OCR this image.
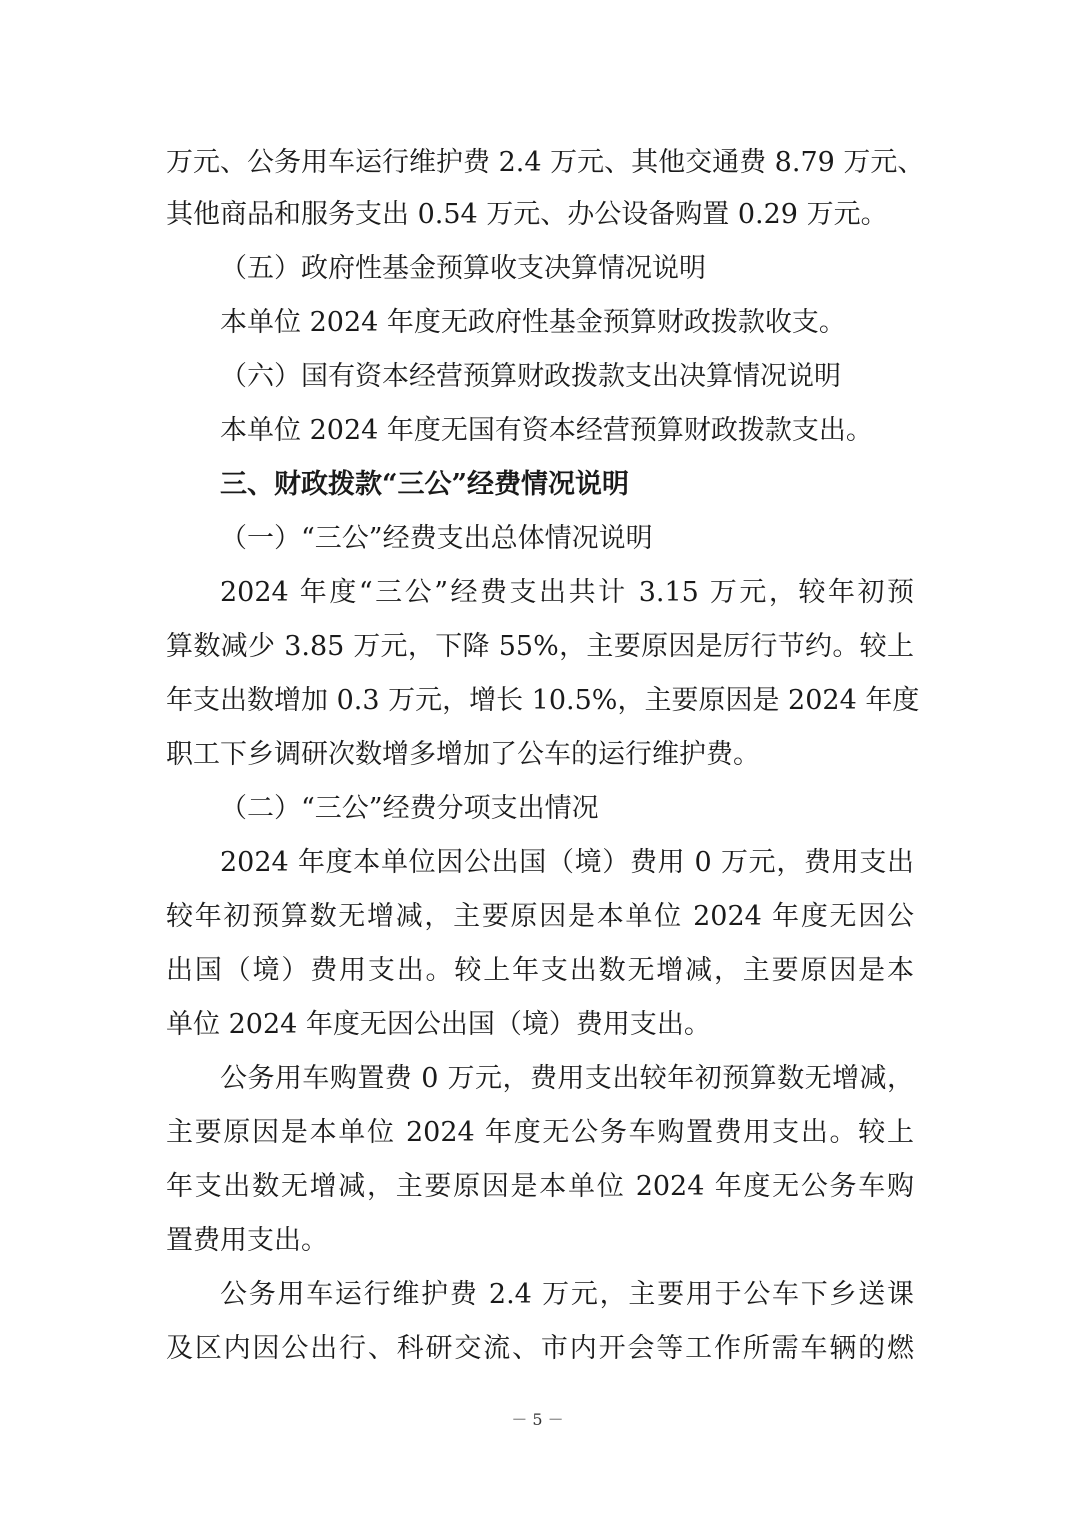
万元、公务用车运行维护费 2.4 万元、其他交通费 8.79 万元、
其他商品和服务支出 0.54 万元、办公设备购置 0.29 万元。
（五）政府性基金预算收支决算情况说明
本单位 2024 年度无政府性基金预算财政拨款收支。
（六）国有资本经营预算财政拨款支出决算情况说明
本单位 2024 年度无国有资本经营预算财政拨款支出。
三、财政拨款“三公”经费情况说明
（一）“三公”经费支出总体情况说明
2024 年度“三公”经费支出共计 3.15 万元，较年初预
算数减少 3.85 万元，下降 55%，主要原因是厉行节约。较上
年支出数增加 0.3 万元，增长 10.5%，主要原因是 2024 年度
职工下乡调研次数增多增加了公车的运行维护费。
（二）“三公”经费分项支出情况
2024 年度本单位因公出国（境）费用 0 万元，费用支出
较年初预算数无增减，主要原因是本单位 2024 年度无因公
出国（境）费用支出。较上年支出数无增减，主要原因是本
单位 2024 年度无因公出国（境）费用支出。
公务用车购置费 0 万元，费用支出较年初预算数无增减，
主要原因是本单位 2024 年度无公务车购置费用支出。较上
年支出数无增减，主要原因是本单位 2024 年度无公务车购
置费用支出。
公务用车运行维护费 2.4 万元，主要用于公车下乡送课
及区内因公出行、科研交流、市内开会等工作所需车辆的燃
－ 5 －
